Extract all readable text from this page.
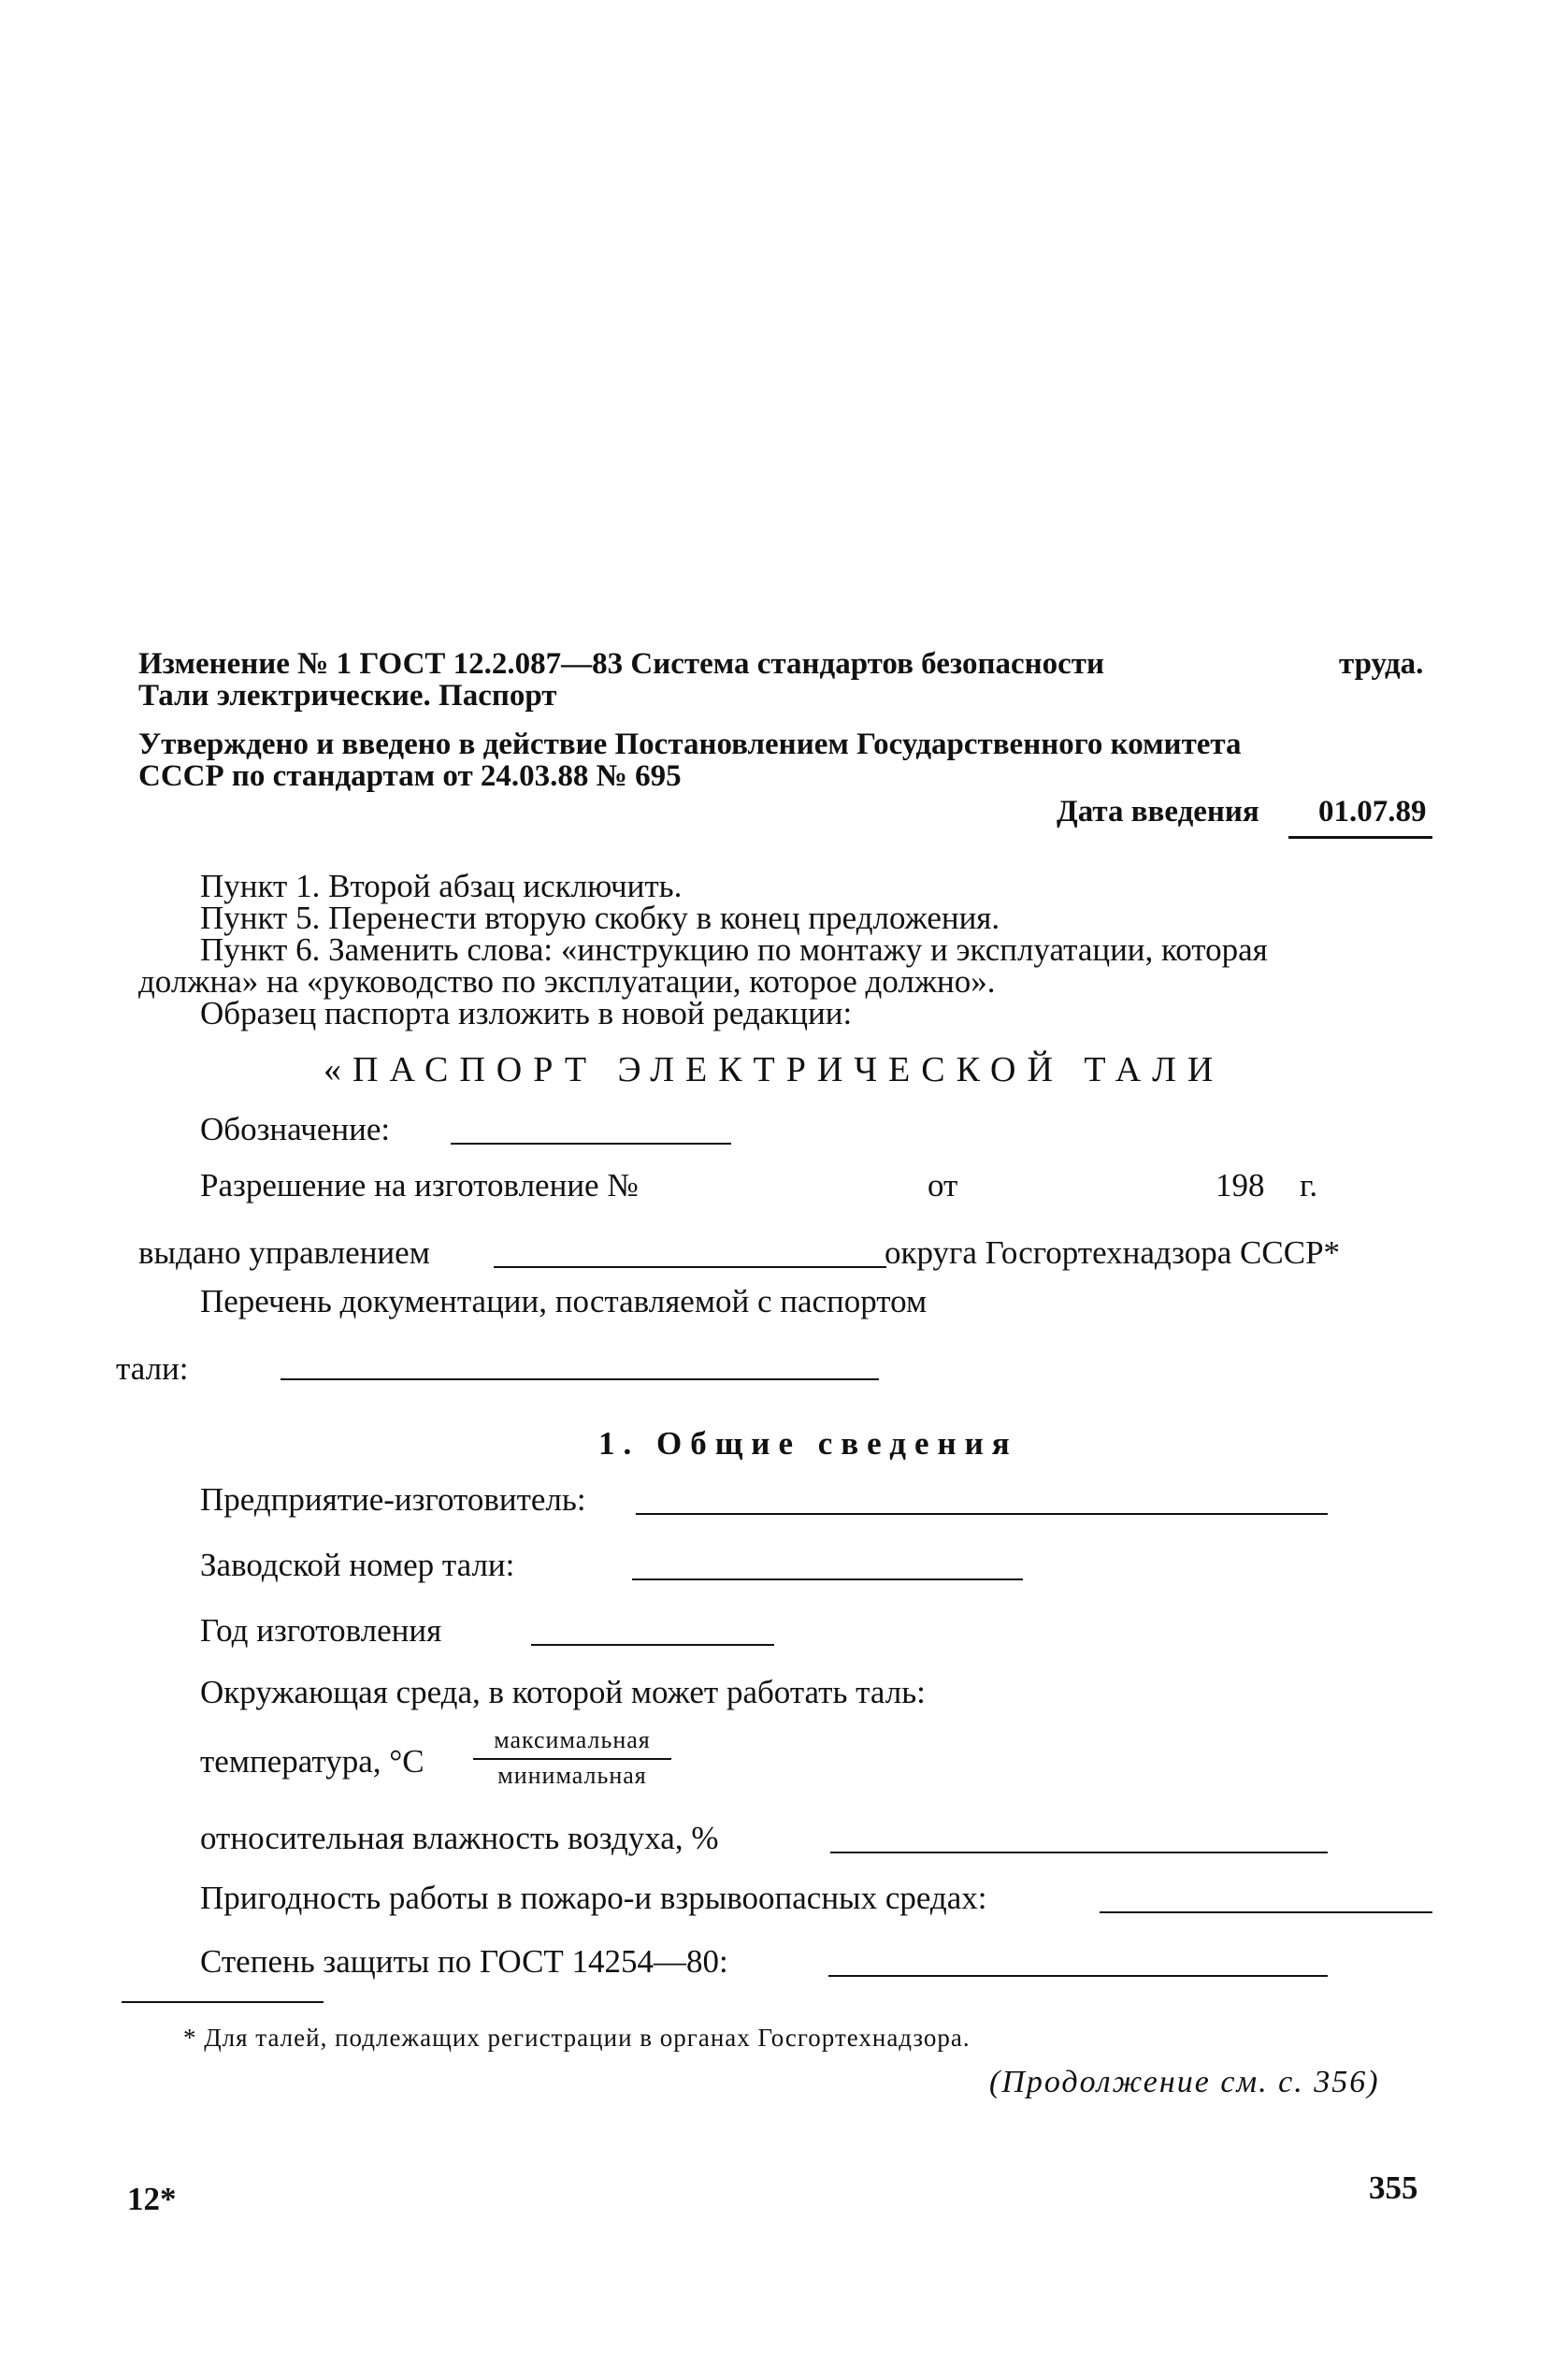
Изменение № 1 ГОСТ 12.2.087—83 Система стандартов безопасности	труда.
Тали электрические. Паспорт
Утверждено и введено в действие Постановлением Государственного комитета
СССР по стандартам от 24.03.88 № 695
Дата введения 01.07.89
Пункт 1. Второй абзац исключить.
Пункт 5. Перенести вторую скобку в конец предложения.
Пункт 6. Заменить слова: «инструкцию по монтажу и эксплуатации, которая
должна» на «руководство по эксплуатации, которое должно».
Образец паспорта изложить в новой редакции:
«ПАСПОРТ ЭЛЕКТРИЧЕСКОЙ ТАЛИ
Обозначение:
Разрешение на изготовление №	от	198 г.
выдано управлением	округа Госгортехнадзора СССР*
Перечень документации, поставляемой с паспортом
тали:
1. Общие сведения
Предприятие-изготовитель:
Заводской номер тали:
Год изготовления
Окружающая среда, в которой может работать таль:
температура, °С
максимальная
минимальная
относительная влажность воздуха, %
Пригодность работы в пожаро-и взрывоопасных средах:
Степень защиты по ГОСТ 14254—80:
* Для талей, подлежащих регистрации в органах Госгортехнадзора.
(Продолжение см. с. 356)
12*	355
